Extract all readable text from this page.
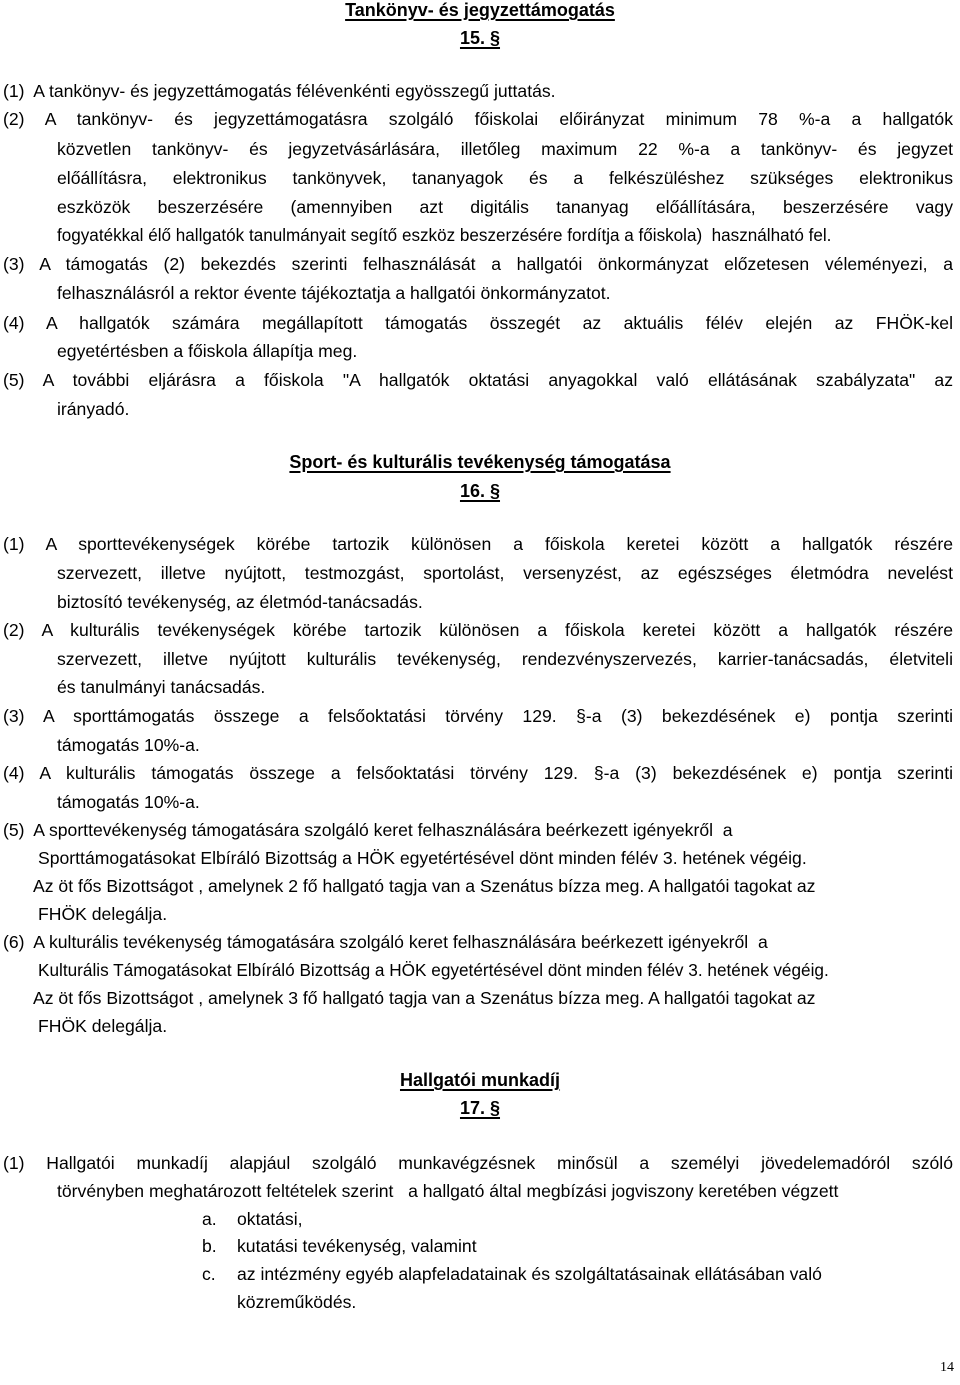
Tankönyv- és jegyzettámogatás
15. §
(1)  A tankönyv- és jegyzettámogatás félévenkénti egyösszegű juttatás.
(2) A tankönyv- és jegyzettámogatásra szolgáló főiskolai előirányzat minimum 78 %-a a hallgatók
közvetlen tankönyv- és jegyzetvásárlására, illetőleg maximum 22 %-a a tankönyv- és jegyzet
előállításra, elektronikus tankönyvek, tananyagok és a felkészüléshez szükséges elektronikus
eszközök beszerzésére (amennyiben azt digitális tananyag előállítására, beszerzésére vagy
fogyatékkal élő hallgatók tanulmányait segítő eszköz beszerzésére fordítja a főiskola)  használható fel.
(3) A támogatás (2) bekezdés szerinti felhasználását a hallgatói önkormányzat előzetesen véleményezi, a
felhasználásról a rektor évente tájékoztatja a hallgatói önkormányzatot.
(4) A hallgatók számára megállapított támogatás összegét az aktuális félév elején az FHÖK-kel
egyetértésben a főiskola állapítja meg.
(5) A további eljárásra a főiskola "A hallgatók oktatási anyagokkal való ellátásának szabályzata" az
irányadó.
Sport- és kulturális tevékenység támogatása
16. §
(1) A sporttevékenységek körébe tartozik különösen a főiskola keretei között a hallgatók részére
szervezett, illetve nyújtott, testmozgást, sportolást, versenyzést, az egészséges életmódra nevelést
biztosító tevékenység, az életmód-tanácsadás.
(2) A kulturális tevékenységek körébe tartozik különösen a főiskola keretei között a hallgatók részére
szervezett, illetve nyújtott kulturális tevékenység, rendezvényszervezés, karrier-tanácsadás, életviteli
és tanulmányi tanácsadás.
(3) A sporttámogatás összege a felsőoktatási törvény 129. §-a (3) bekezdésének e) pontja szerinti
támogatás 10%-a.
(4) A kulturális támogatás összege a felsőoktatási törvény 129. §-a (3) bekezdésének e) pontja szerinti
támogatás 10%-a.
(5)  A sporttevékenység támogatására szolgáló keret felhasználására beérkezett igényekről  a
Sporttámogatásokat Elbíráló Bizottság a HÖK egyetértésével dönt minden félév 3. hetének végéig.
Az öt fős Bizottságot , amelynek 2 fő hallgató tagja van a Szenátus bízza meg. A hallgatói tagokat az
FHÖK delegálja.
(6)  A kulturális tevékenység támogatására szolgáló keret felhasználására beérkezett igényekről  a
Kulturális Támogatásokat Elbíráló Bizottság a HÖK egyetértésével dönt minden félév 3. hetének végéig.
Az öt fős Bizottságot , amelynek 3 fő hallgató tagja van a Szenátus bízza meg. A hallgatói tagokat az
FHÖK delegálja.
Hallgatói munkadíj
17. §
(1) Hallgatói munkadíj alapjául szolgáló munkavégzésnek minősül a személyi jövedelemadóról szóló
törvényben meghatározott feltételek szerint   a hallgató által megbízási jogviszony keretében végzett
a.	oktatási,
b.	kutatási tevékenység, valamint
c.	az intézmény egyéb alapfeladatainak és szolgáltatásainak ellátásában való
közreműködés.
14
